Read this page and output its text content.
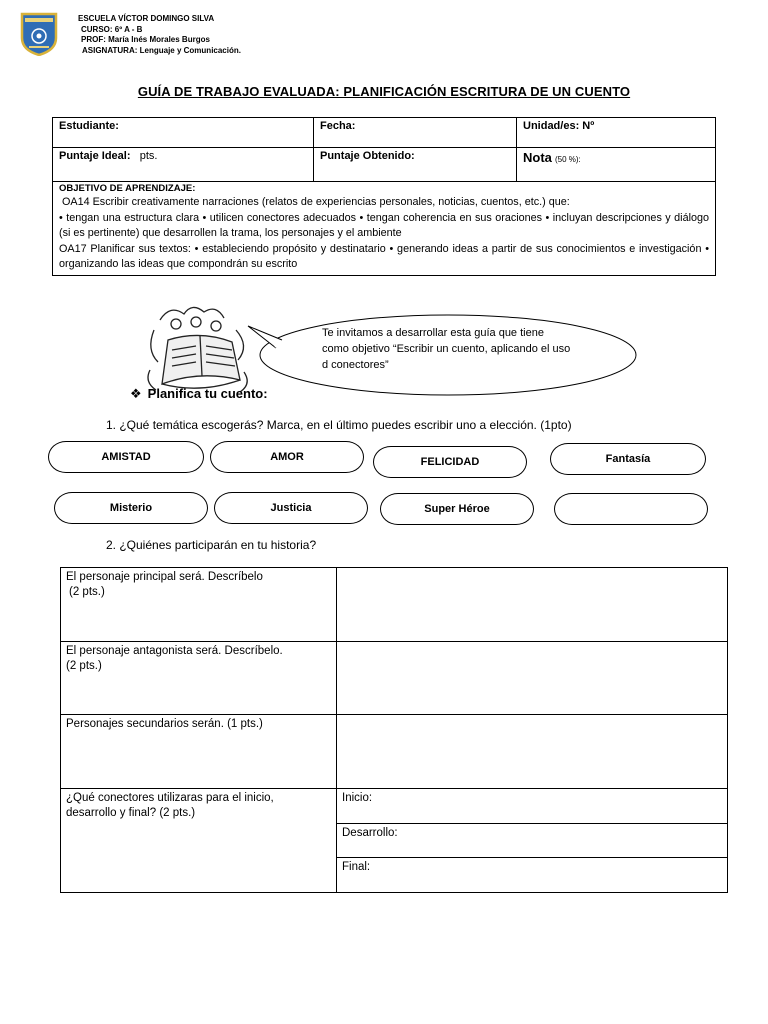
ESCUELA VÍCTOR DOMINGO SILVA
CURSO: 6º A - B
PROF: María Inés Morales Burgos
ASIGNATURA: Lenguaje y Comunicación.
GUÍA DE TRABAJO EVALUADA: PLANIFICACIÓN ESCRITURA DE UN CUENTO
Estudiante:	Fecha:	Unidad/es: Nº
Puntaje Ideal: pts.	Puntaje Obtenido:	Nota (50 %):

OBJETIVO DE APRENDIZAJE:
OA14 Escribir creativamente narraciones (relatos de experiencias personales, noticias, cuentos, etc.) que:
• tengan una estructura clara • utilicen conectores adecuados • tengan coherencia en sus oraciones • incluyan descripciones y diálogo (si es pertinente) que desarrollen la trama, los personajes y el ambiente
OA17 Planificar sus textos: • estableciendo propósito y destinatario • generando ideas a partir de sus conocimientos e investigación • organizando las ideas que compondrán su escrito		
Te invitamos a desarrollar esta guía que tiene como objetivo “Escribir un cuento, aplicando el uso d conectores”
❖ Planifica tu cuento:
1. ¿Qué temática escogerás? Marca, en el último puedes escribir uno a elección. (1pto)
AMISTAD	AMOR	FELICIDAD	Fantasía
Misterio	Justicia	Super Héroe
2. ¿Quiénes participarán en tu historia?
El personaje principal será. Descríbelo
(2 pts.)	

El personaje antagonista será. Descríbelo.
(2 pts.)	

Personajes secundarios serán. (1 pts.)	

¿Qué conectores utilizaras para el inicio,
desarrollo y final? (2 pts.)	Inicio:
	Desarrollo:
	Final:
